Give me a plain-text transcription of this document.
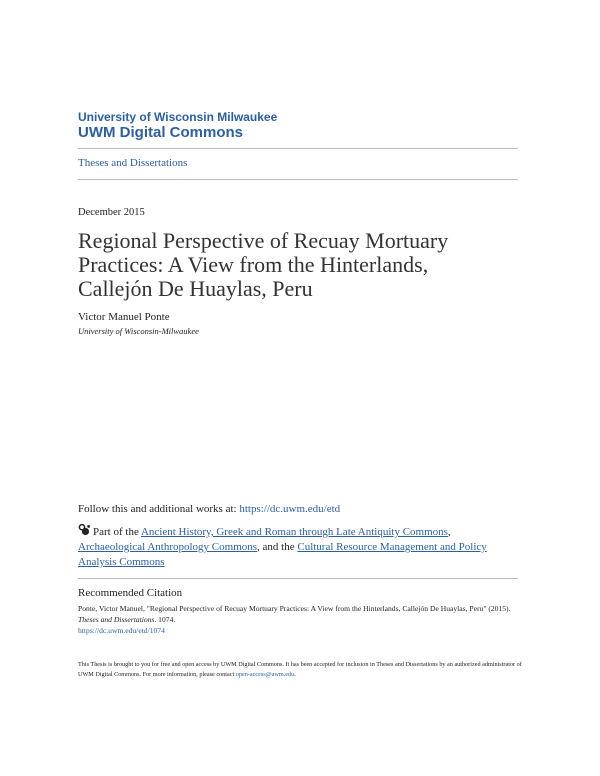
University of Wisconsin Milwaukee
UWM Digital Commons
Theses and Dissertations
December 2015
Regional Perspective of Recuay Mortuary Practices: A View from the Hinterlands, Callejón De Huaylas, Peru
Victor Manuel Ponte
University of Wisconsin-Milwaukee
Follow this and additional works at: https://dc.uwm.edu/etd
Part of the Ancient History, Greek and Roman through Late Antiquity Commons, Archaeological Anthropology Commons, and the Cultural Resource Management and Policy Analysis Commons
Recommended Citation
Ponte, Victor Manuel, "Regional Perspective of Recuay Mortuary Practices: A View from the Hinterlands, Callejón De Huaylas, Peru" (2015). Theses and Dissertations. 1074.
https://dc.uwm.edu/etd/1074
This Thesis is brought to you for free and open access by UWM Digital Commons. It has been accepted for inclusion in Theses and Dissertations by an authorized administrator of UWM Digital Commons. For more information, please contact open-access@uwm.edu.
